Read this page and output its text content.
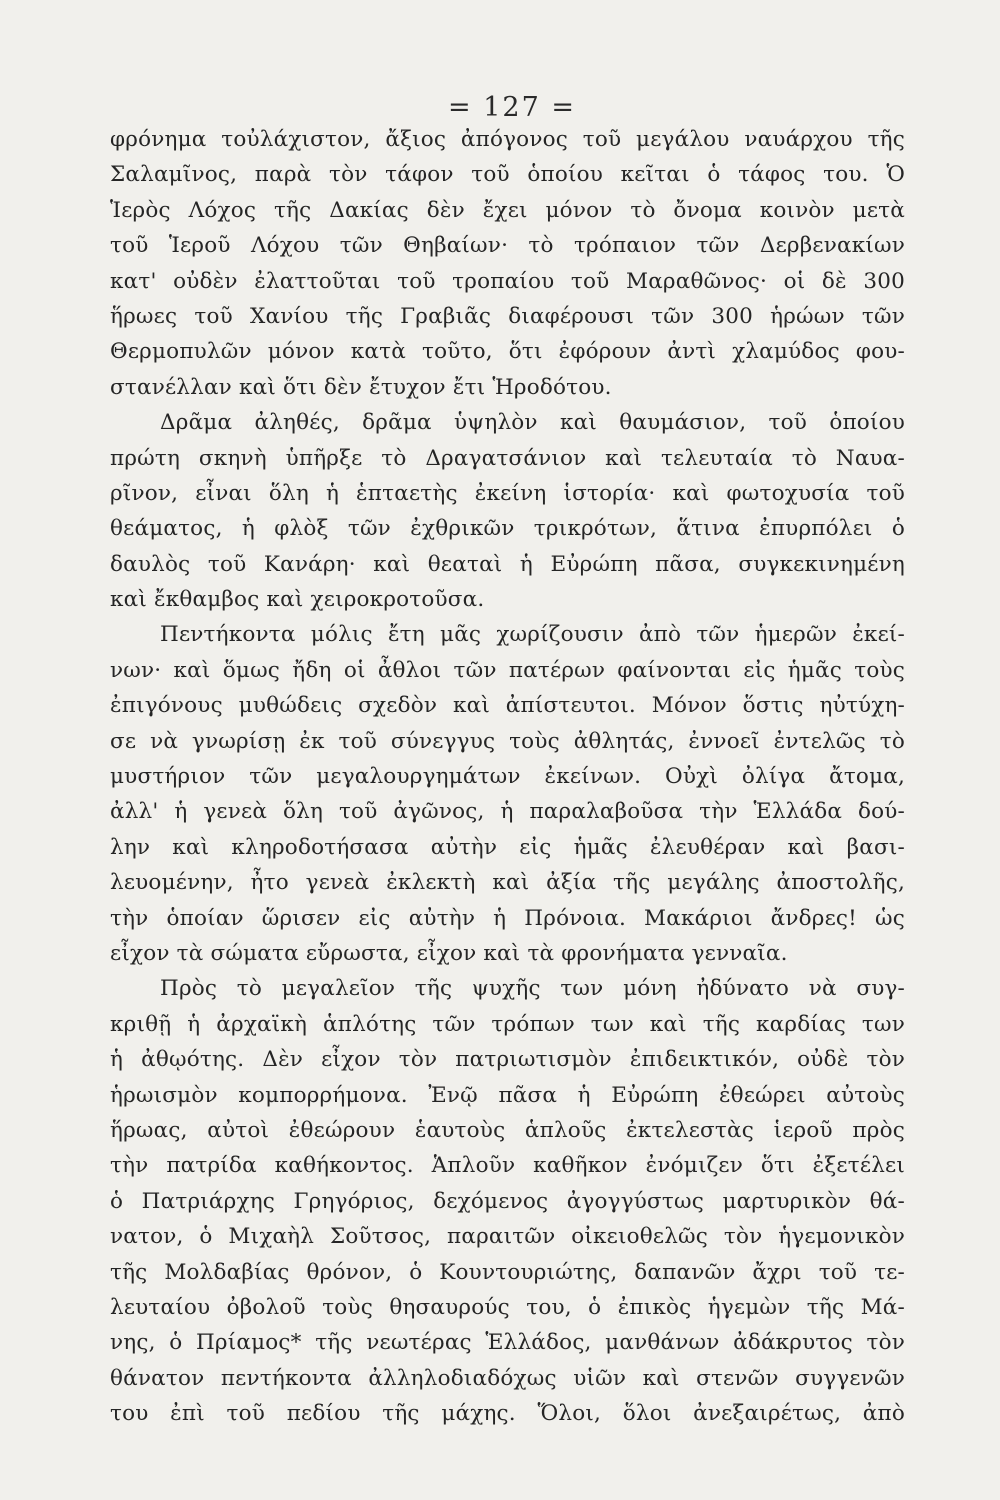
= 127 =
φρόνημα τοὐλάχιστον, ἄξιος ἀπόγονος τοῦ μεγάλου ναυάρχου τῆς
Σαλαμῖνος, παρὰ τὸν τάφον τοῦ ὁποίου κεῖται ὁ τάφος του. Ὁ
Ἱερὸς Λόχος τῆς Δακίας δὲν ἔχει μόνον τὸ ὄνομα κοινὸν μετὰ
τοῦ Ἱεροῦ Λόχου τῶν Θηβαίων· τὸ τρόπαιον τῶν Δερβενακίων
κατ' οὐδὲν ἐλαττοῦται τοῦ τροπαίου τοῦ Μαραθῶνος· οἱ δὲ 300
ἥρωες τοῦ Χανίου τῆς Γραβιᾶς διαφέρουσι τῶν 300 ἡρώων τῶν
Θερμοπυλῶν μόνον κατὰ τοῦτο, ὅτι ἐφόρουν ἀντὶ χλαμύδος φου-
στανέλλαν καὶ ὅτι δὲν ἔτυχον ἔτι Ἡροδότου.
Δρᾶμα ἀληθές, δρᾶμα ὑψηλὸν καὶ θαυμάσιον, τοῦ ὁποίου
πρώτη σκηνὴ ὑπῆρξε τὸ Δραγατσάνιον καὶ τελευταία τὸ Ναυα-
ρῖνον, εἶναι ὅλη ἡ ἑπταετὴς ἐκείνη ἱστορία· καὶ φωτοχυσία τοῦ
θεάματος, ἡ φλὸξ τῶν ἐχθρικῶν τρικρότων, ἅτινα ἐπυρπόλει ὁ
δαυλὸς τοῦ Κανάρη· καὶ θεαταὶ ἡ Εὐρώπη πᾶσα, συγκεκινημένη
καὶ ἔκθαμβος καὶ χειροκροτοῦσα.
Πεντήκοντα μόλις ἔτη μᾶς χωρίζουσιν ἀπὸ τῶν ἡμερῶν ἐκεί-
νων· καὶ ὅμως ἤδη οἱ ἆθλοι τῶν πατέρων φαίνονται εἰς ἡμᾶς τοὺς
ἐπιγόνους μυθώδεις σχεδὸν καὶ ἀπίστευτοι. Μόνον ὅστις ηὐτύχη-
σε νὰ γνωρίσῃ ἐκ τοῦ σύνεγγυς τοὺς ἀθλητάς, ἐννοεῖ ἐντελῶς τὸ
μυστήριον τῶν μεγαλουργημάτων ἐκείνων. Οὐχὶ ὀλίγα ἄτομα,
ἀλλ' ἡ γενεὰ ὅλη τοῦ ἀγῶνος, ἡ παραλαβοῦσα τὴν Ἑλλάδα δού-
λην καὶ κληροδοτήσασα αὐτὴν εἰς ἡμᾶς ἐλευθέραν καὶ βασι-
λευομένην, ἦτο γενεὰ ἐκλεκτὴ καὶ ἀξία τῆς μεγάλης ἀποστολῆς,
τὴν ὁποίαν ὥρισεν εἰς αὐτὴν ἡ Πρόνοια. Μακάριοι ἄνδρες! ὡς
εἶχον τὰ σώματα εὔρωστα, εἶχον καὶ τὰ φρονήματα γενναῖα.
Πρὸς τὸ μεγαλεῖον τῆς ψυχῆς των μόνη ἠδύνατο νὰ συγ-
κριθῇ ἡ ἀρχαϊκὴ ἁπλότης τῶν τρόπων των καὶ τῆς καρδίας των
ἡ ἀθῳότης. Δὲν εἶχον τὸν πατριωτισμὸν ἐπιδεικτικόν, οὐδὲ τὸν
ἡρωισμὸν κομπορρήμονα. Ἐνῷ πᾶσα ἡ Εὐρώπη ἐθεώρει αὐτοὺς
ἥρωας, αὐτοὶ ἐθεώρουν ἑαυτοὺς ἁπλοῦς ἐκτελεστὰς ἱεροῦ πρὸς
τὴν πατρίδα καθήκοντος. Ἁπλοῦν καθῆκον ἐνόμιζεν ὅτι ἐξετέλει
ὁ Πατριάρχης Γρηγόριος, δεχόμενος ἀγογγύστως μαρτυρικὸν θά-
νατον, ὁ Μιχαὴλ Σοῦτσος, παραιτῶν οἰκειοθελῶς τὸν ἡγεμονικὸν
τῆς Μολδαβίας θρόνον, ὁ Κουντουριώτης, δαπανῶν ἄχρι τοῦ τε-
λευταίου ὀβολοῦ τοὺς θησαυρούς του, ὁ ἐπικὸς ἡγεμὼν τῆς Μά-
νης, ὁ Πρίαμος* τῆς νεωτέρας Ἑλλάδος, μανθάνων ἀδάκρυτος τὸν
θάνατον πεντήκοντα ἀλληλοδιαδόχως υἱῶν καὶ στενῶν συγγενῶν
του ἐπὶ τοῦ πεδίου τῆς μάχης. Ὅλοι, ὅλοι ἀνεξαιρέτως, ἀπὸ
